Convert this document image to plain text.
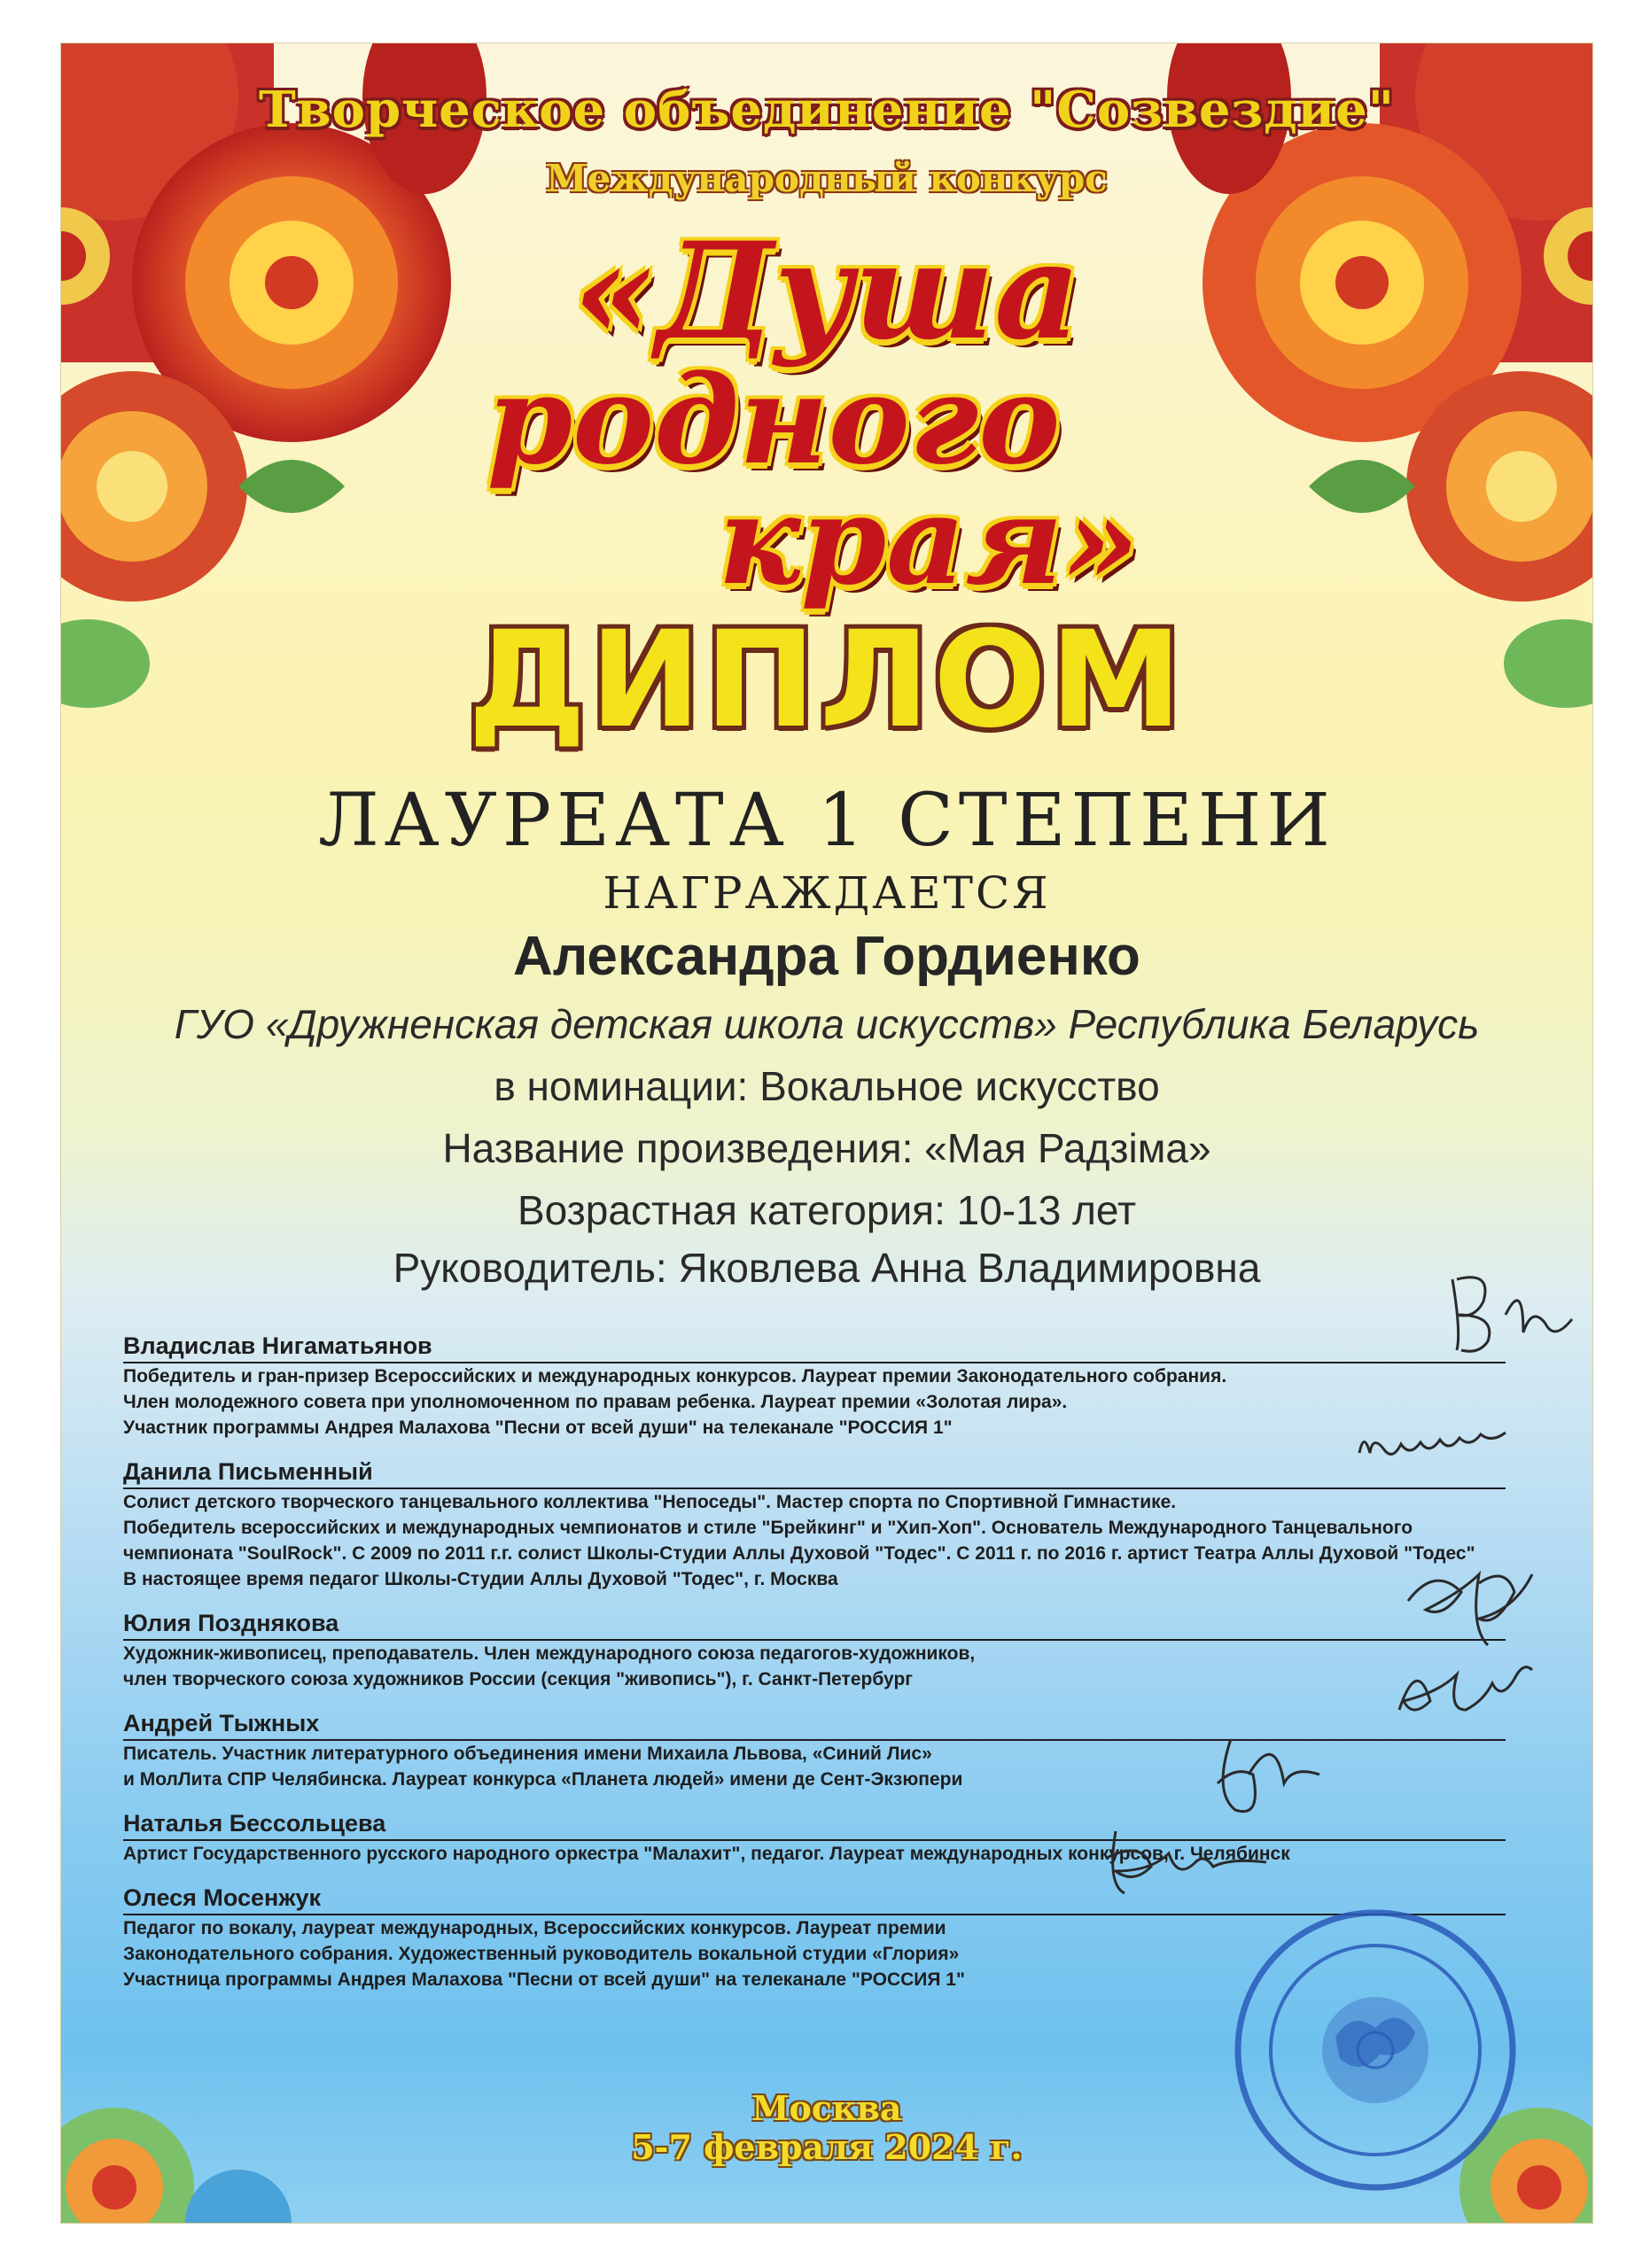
Творческое объединение "Созвездие"
Международный конкурс
«Душа
родного
края»
ДИПЛОМ
ЛАУРЕАТА 1 СТЕПЕНИ
НАГРАЖДАЕТСЯ
Александра Гордиенко
ГУО «Дружненская детская школа искусств» Республика Беларусь
в номинации: Вокальное искусство
Название произведения: «Мая Радзіма»
Возрастная категория: 10-13 лет
Руководитель: Яковлева Анна Владимировна
Владислав Нигаматьянов
Победитель и гран-призер Всероссийских и международных конкурсов. Лауреат премии Законодательного собрания.
Член молодежного совета при уполномоченном по правам ребенка. Лауреат премии «Золотая лира».
Участник программы Андрея Малахова "Песни от всей души" на телеканале "РОССИЯ 1"
Данила Письменный
Солист детского творческого танцевального коллектива "Непоседы". Мастер спорта по Спортивной Гимнастике.
Победитель всероссийских и международных чемпионатов и стиле "Брейкинг" и "Хип-Хоп". Основатель Международного Танцевального
чемпионата "SoulRock". С 2009 по 2011 г.г. солист Школы-Студии Аллы Духовой "Тодес". С 2011 г. по 2016 г. артист Театра Аллы Духовой "Тодес"
В настоящее время педагог Школы-Студии Аллы Духовой "Тодес", г. Москва
Юлия Позднякова
Художник-живописец, преподаватель. Член международного союза педагогов-художников,
член творческого союза художников России (секция "живопись"), г. Санкт-Петербург
Андрей Тыжных
Писатель. Участник литературного объединения имени Михаила Львова, «Синий Лис»
и МолЛита СПР Челябинска. Лауреат конкурса «Планета людей» имени де Сент-Экзюпери
Наталья Бессольцева
Артист Государственного русского народного оркестра "Малахит", педагог. Лауреат международных конкурсов, г. Челябинск
Олеся Мосенжук
Педагог по вокалу, лауреат международных, Всероссийских конкурсов. Лауреат премии
Законодательного собрания. Художественный руководитель вокальной студии «Глория»
Участница программы Андрея Малахова "Песни от всей души" на телеканале "РОССИЯ 1"
Москва
5-7 февраля 2024 г.
